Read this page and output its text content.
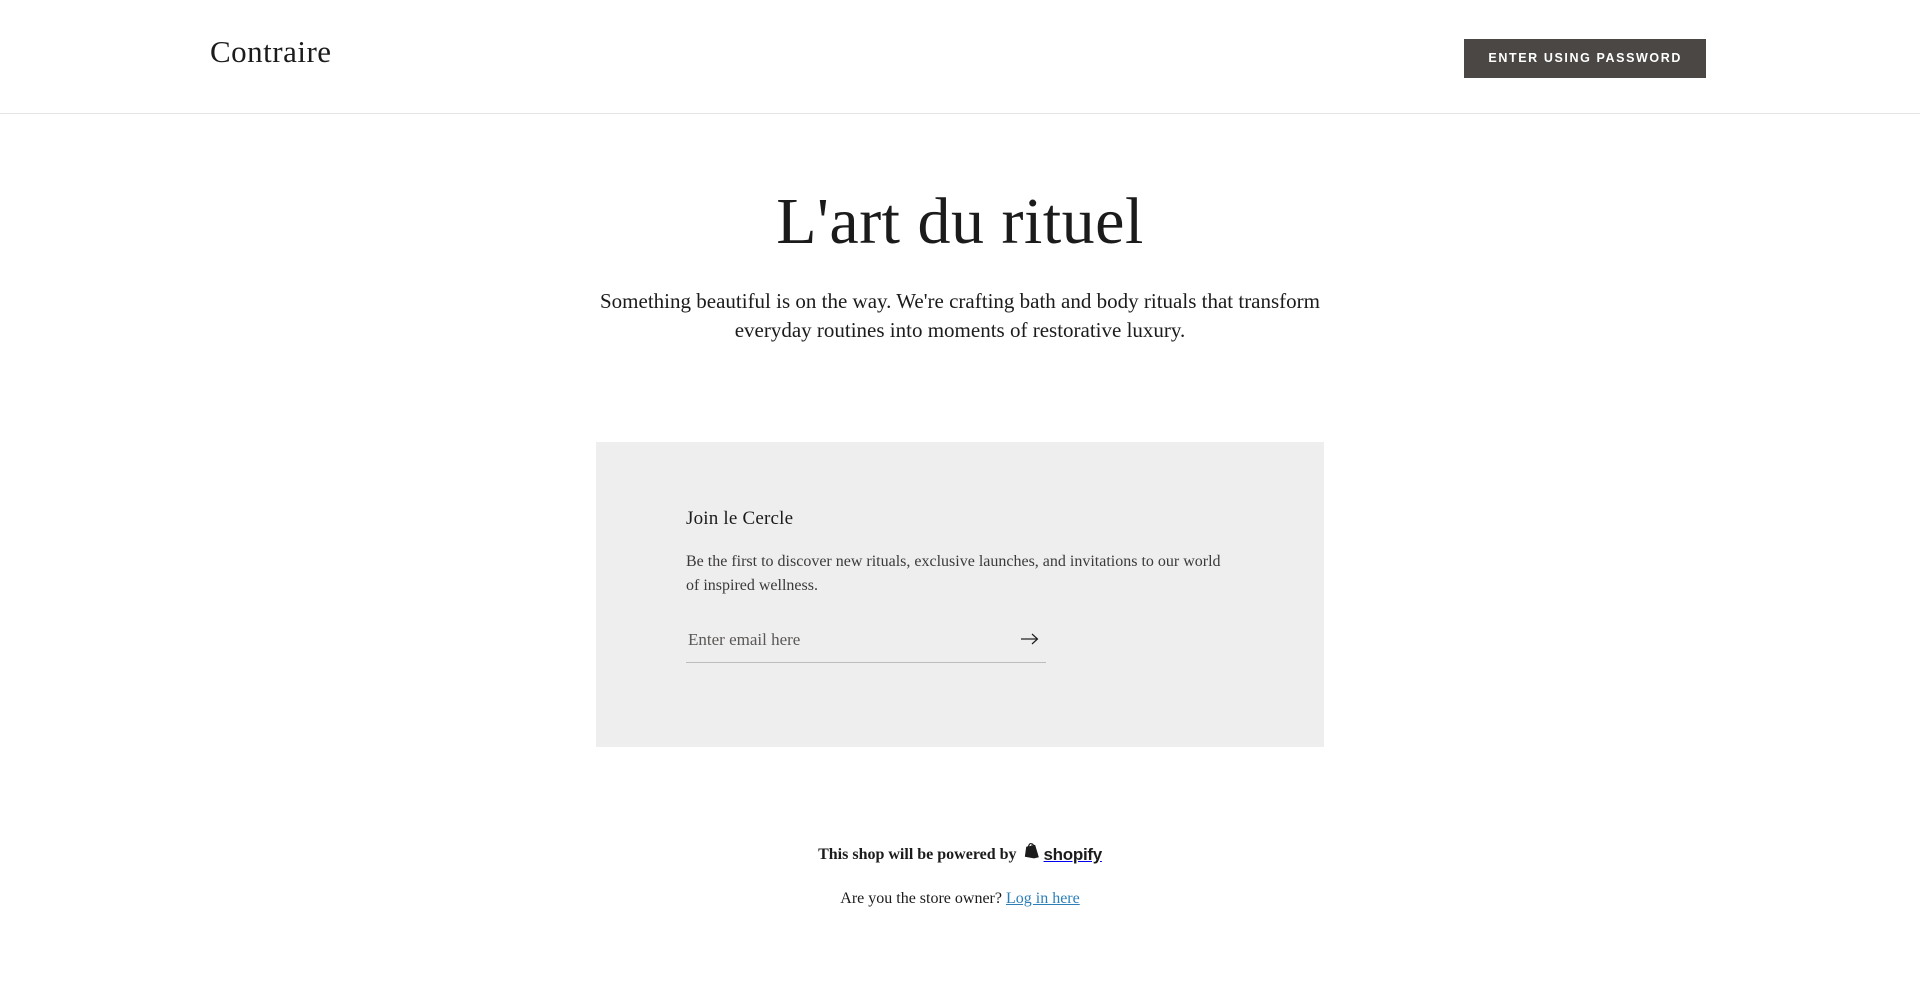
Contraire	ENTER USING PASSWORD
L'art du rituel

Something beautiful is on the way. We're crafting bath and body rituals that transform everyday routines into moments of restorative luxury.

Join le Cercle

Be the first to discover new rituals, exclusive launches, and invitations to our world of inspired wellness.

Enter email here
This shop will be powered by shopify
Are you the store owner? Log in here
